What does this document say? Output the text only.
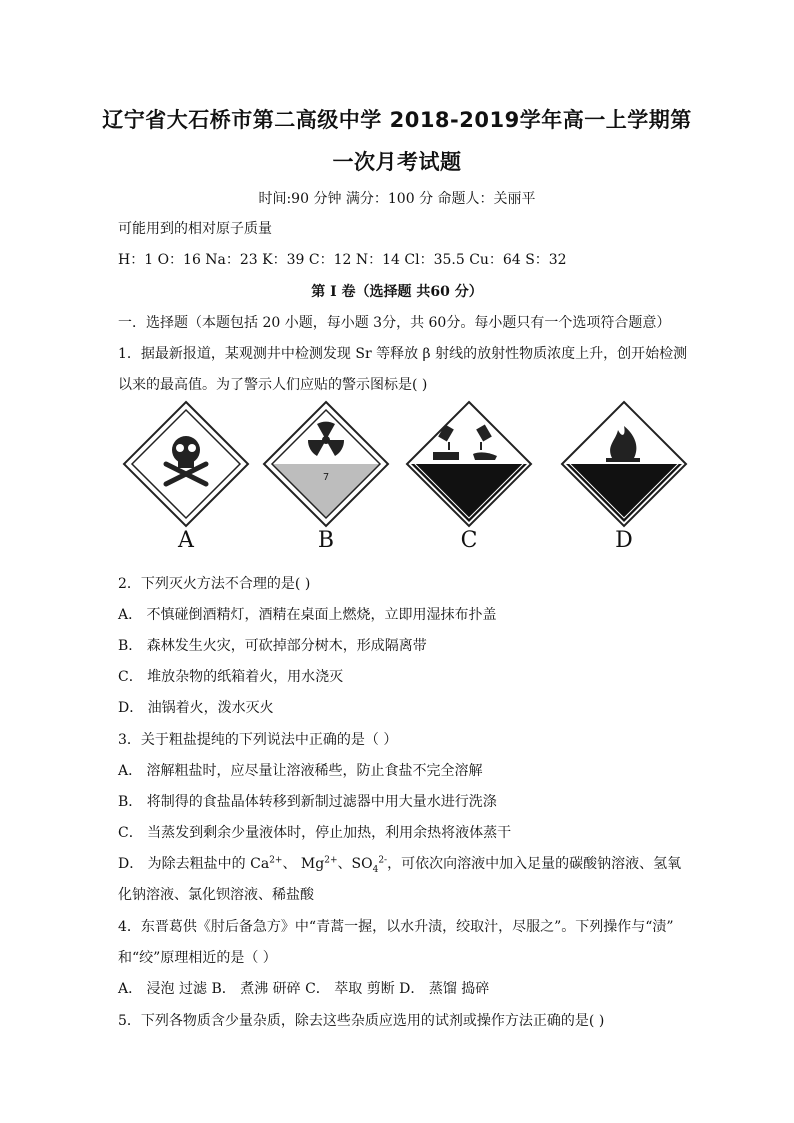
辽宁省大石桥市第二高级中学 2018-2019学年高一上学期第
一次月考试题
时间:90 分钟 满分：100 分 命题人：关丽平
可能用到的相对原子质量
H：1 O：16 Na：23 K：39 C：12 N：14 Cl：35.5 Cu：64 S：32
第 I 卷（选择题 共60 分）
一．选择题（本题包括 20 小题，每小题 3分，共 60分。每小题只有一个选项符合题意）
1．据最新报道，某观测井中检测发现 Sr 等释放 β 射线的放射性物质浓度上升，创开始检测
以来的最高值。为了警示人们应贴的警示图标是( )
A
7
B	C	D
2．下列灭火方法不合理的是( )
A． 不慎碰倒酒精灯，酒精在桌面上燃烧，立即用湿抹布扑盖
B． 森林发生火灾，可砍掉部分树木，形成隔离带
C． 堆放杂物的纸箱着火，用水浇灭
D． 油锅着火，泼水灭火
3．关于粗盐提纯的下列说法中正确的是（ ）
A． 溶解粗盐时，应尽量让溶液稀些，防止食盐不完全溶解
B． 将制得的食盐晶体转移到新制过滤器中用大量水进行洗涤
C． 当蒸发到剩余少量液体时，停止加热，利用余热将液体蒸干
D． 为除去粗盐中的 $Ca^{2+}$、 $Mg^{2+}$、$SO_4^{2-}$，可依次向溶液中加入足量的碳酸钠溶液、氢氧
化钠溶液、氯化钡溶液、稀盐酸
4．东晋葛供《肘后备急方》中“青蒿一握，以水升渍，绞取汁，尽服之”。下列操作与“渍”
和“绞”原理相近的是（ ）
A． 浸泡 过滤 B． 煮沸 研碎 C． 萃取 剪断 D． 蒸馏 捣碎
5．下列各物质含少量杂质，除去这些杂质应选用的试剂或操作方法正确的是( )
